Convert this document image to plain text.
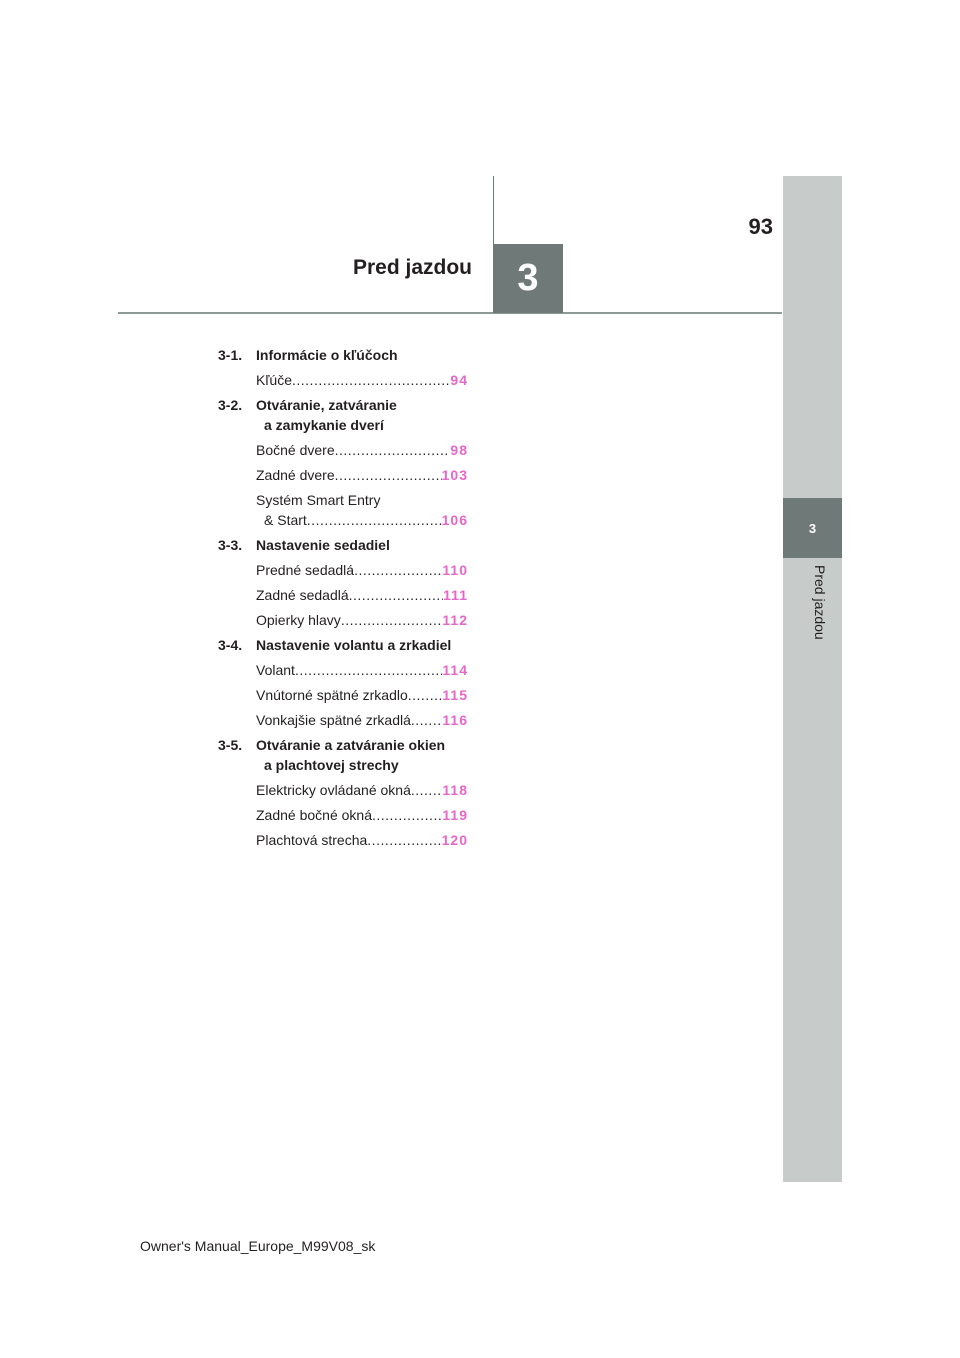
93
Pred jazdou	3
3
Pred jazdou
3-1. Informácie o kľúčoch
Kľúče .....	94
3-2. Otváranie, zatváranie
a zamykanie dverí
Bočné dvere .....	98
Zadné dvere .....	103
Systém Smart Entry
& Start .....	106
3-3. Nastavenie sedadiel
Predné sedadlá .....	110
Zadné sedadlá .....	111
Opierky hlavy .....	112
3-4. Nastavenie volantu a zrkadiel
Volant .....	114
Vnútorné spätné zrkadlo ..... 115
Vonkajšie spätné zrkadlá ..... 116
3-5. Otváranie a zatváranie okien
a plachtovej strechy
Elektricky ovládané okná ..... 118
Zadné bočné okná .....	119
Plachtová strecha .....	120
Owner's Manual_Europe_M99V08_sk
